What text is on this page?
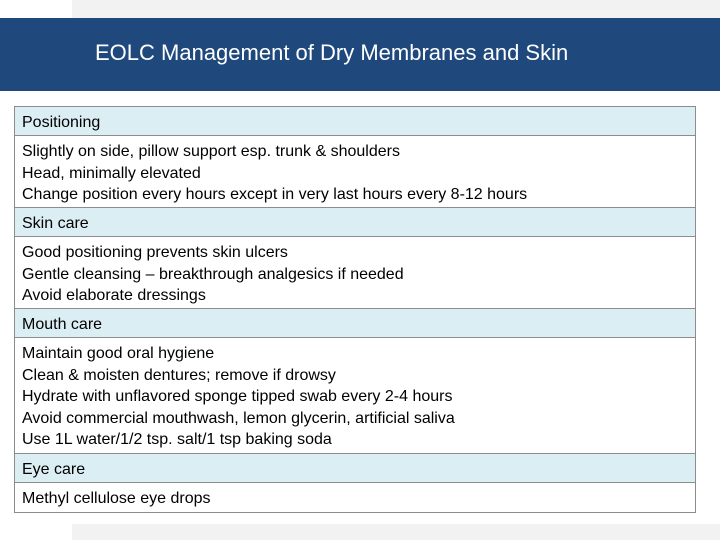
EOLC Management of Dry Membranes and Skin
Positioning
Slightly on side, pillow support esp. trunk & shoulders
Head, minimally elevated
Change position every hours except in very last hours every 8-12 hours
Skin care
Good positioning prevents skin ulcers
Gentle cleansing – breakthrough analgesics if needed
Avoid elaborate dressings
Mouth care
Maintain good oral hygiene
Clean & moisten dentures; remove if drowsy
Hydrate with unflavored sponge tipped swab every 2-4 hours
Avoid commercial mouthwash, lemon glycerin, artificial saliva
Use 1L water/1/2 tsp. salt/1 tsp baking soda
Eye care
Methyl cellulose eye drops
